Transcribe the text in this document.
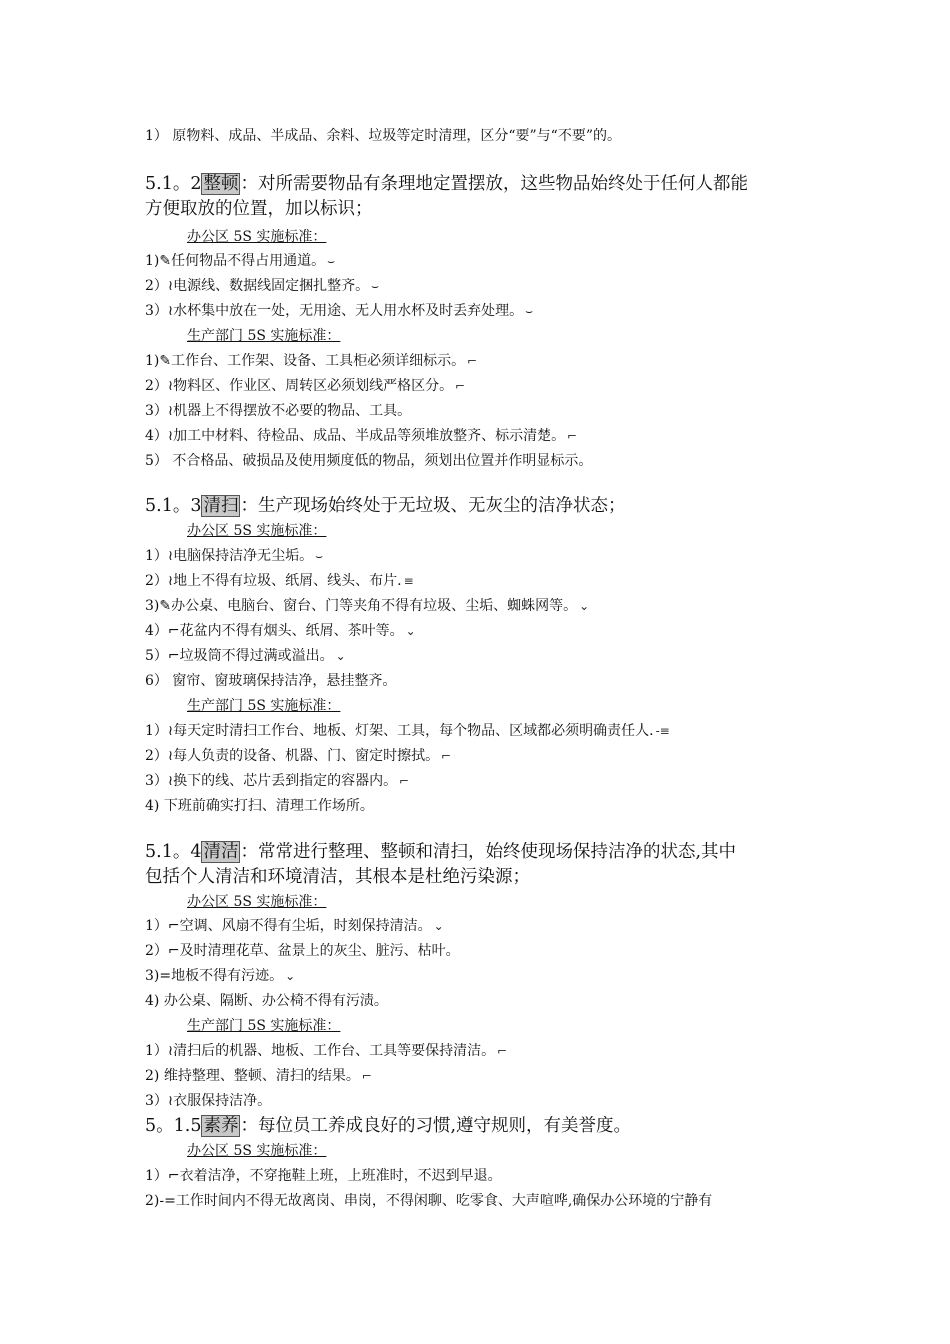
1） 原物料、成品、半成品、余料、垃圾等定时清理，区分“要”与“不要”的。
5.1。2 整顿 ：对所需要物品有条理地定置摆放，这些物品始终处于任何人都能
方便取放的位置，加以标识；
办公区 5S 实施标准：
1)✎任何物品不得占用通道。 ⌣
2）≀电源线、数据线固定捆扎整齐。 ⌣
3）≀水杯集中放在一处，无用途、无人用水杯及时丢弃处理。 ⌣
生产部门 5S 实施标准：
1)✎工作台、工作架、设备、工具柜必须详细标示。 ⌐
2）≀物料区、作业区、周转区必须划线严格区分。 ⌐
3）≀机器上不得摆放不必要的物品、工具。
4）≀加工中材料、待检品、成品、半成品等须堆放整齐、标示清楚。 ⌐
5） 不合格品、破损品及使用频度低的物品，须划出位置并作明显标示。
5.1。3 清扫 ：生产现场始终处于无垃圾、无灰尘的洁净状态；
办公区 5S 实施标准：
1）≀电脑保持洁净无尘垢。 ⌣
2）≀地上不得有垃圾、纸屑、线头、布片. ≡
3)✎办公桌、电脑台、窗台、门等夹角不得有垃圾、尘垢、蜘蛛网等。 ⌄
4）⌐花盆内不得有烟头、纸屑、茶叶等。 ⌄
5）⌐垃圾筒不得过满或溢出。 ⌄
6） 窗帘、窗玻璃保持洁净，悬挂整齐。
生产部门 5S 实施标准：
1）≀每天定时清扫工作台、地板、灯架、工具，每个物品、区域都必须明确责任人. -≡
2）≀每人负责的设备、机器、门、窗定时擦拭。 ⌐
3）≀换下的线、芯片丢到指定的容器内。 ⌐
4) 下班前确实打扫、清理工作场所。
5.1。4 清洁 ：常常进行整理、整顿和清扫，始终使现场保持洁净的状态,其中
包括个人清洁和环境清洁，其根本是杜绝污染源；
办公区 5S 实施标准：
1）⌐空调、风扇不得有尘垢，时刻保持清洁。 ⌄
2）⌐及时清理花草、盆景上的灰尘、脏污、枯叶。
3)=地板不得有污迹。 ⌄
4) 办公桌、隔断、办公椅不得有污渍。
生产部门 5S 实施标准：
1）≀清扫后的机器、地板、工作台、工具等要保持清洁。 ⌐
2) 维持整理、整顿、清扫的结果。 ⌐
3）≀衣服保持洁净。
5。1.5 素养 ：每位员工养成良好的习惯,遵守规则，有美誉度。
办公区 5S 实施标准：
1）⌐衣着洁净，不穿拖鞋上班，上班准时，不迟到早退。
2)-=工作时间内不得无故离岗、串岗，不得闲聊、吃零食、大声喧哗,确保办公环境的宁静有
